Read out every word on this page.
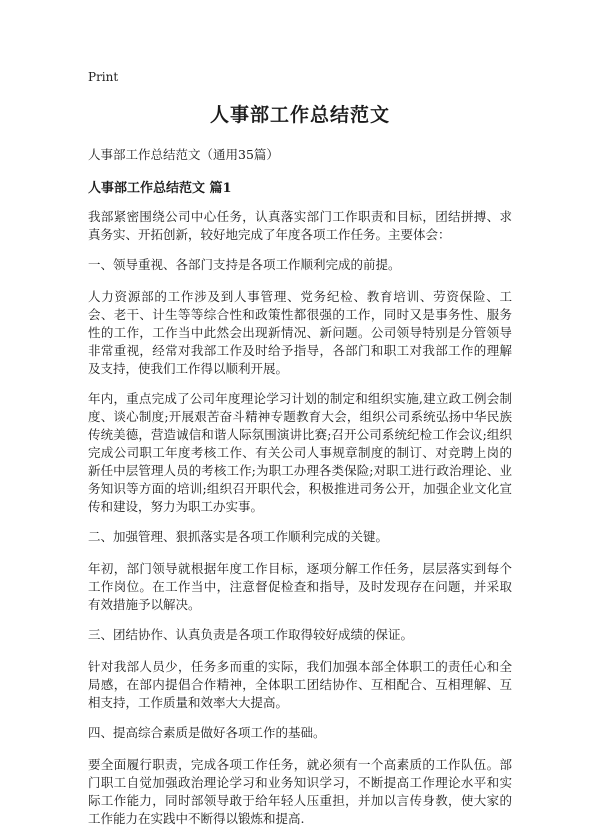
Print
人事部工作总结范文

人事部工作总结范文（通用35篇）

人事部工作总结范文 篇1

我部紧密围绕公司中心任务，认真落实部门工作职责和目标，团结拼搏、求真务实、开拓创新，较好地完成了年度各项工作任务。主要体会：

一、领导重视、各部门支持是各项工作顺利完成的前提。

人力资源部的工作涉及到人事管理、党务纪检、教育培训、劳资保险、工会、老干、计生等等综合性和政策性都很强的工作，同时又是事务性、服务性的工作，工作当中此然会出现新情况、新问题。公司领导特别是分管领导非常重视，经常对我部工作及时给予指导，各部门和职工对我部工作的理解及支持，使我们工作得以顺利开展。

年内，重点完成了公司年度理论学习计划的制定和组织实施,建立政工例会制度、谈心制度;开展艰苦奋斗精神专题教育大会，组织公司系统弘扬中华民族传统美德，营造诚信和谐人际氛围演讲比赛;召开公司系统纪检工作会议;组织完成公司职工年度考核工作、有关公司人事规章制度的制订、对竞聘上岗的新任中层管理人员的考核工作;为职工办理各类保险;对职工进行政治理论、业务知识等方面的培训;组织召开职代会，积极推进司务公开，加强企业文化宣传和建设，努力为职工办实事。

二、加强管理、狠抓落实是各项工作顺利完成的关键。

年初，部门领导就根据年度工作目标，逐项分解工作任务，层层落实到每个工作岗位。在工作当中，注意督促检查和指导，及时发现存在问题，并采取有效措施予以解决。

三、团结协作、认真负责是各项工作取得较好成绩的保证。

针对我部人员少，任务多而重的实际，我们加强本部全体职工的责任心和全局感，在部内提倡合作精神，全体职工团结协作、互相配合、互相理解、互相支持，工作质量和效率大大提高。

四、提高综合素质是做好各项工作的基础。

要全面履行职责，完成各项工作任务，就必须有一个高素质的工作队伍。部门职工自觉加强政治理论学习和业务知识学习，不断提高工作理论水平和实际工作能力，同时部领导敢于给年轻人压重担，并加以言传身教，使大家的工作能力在实践中不断得以锻炼和提高.
